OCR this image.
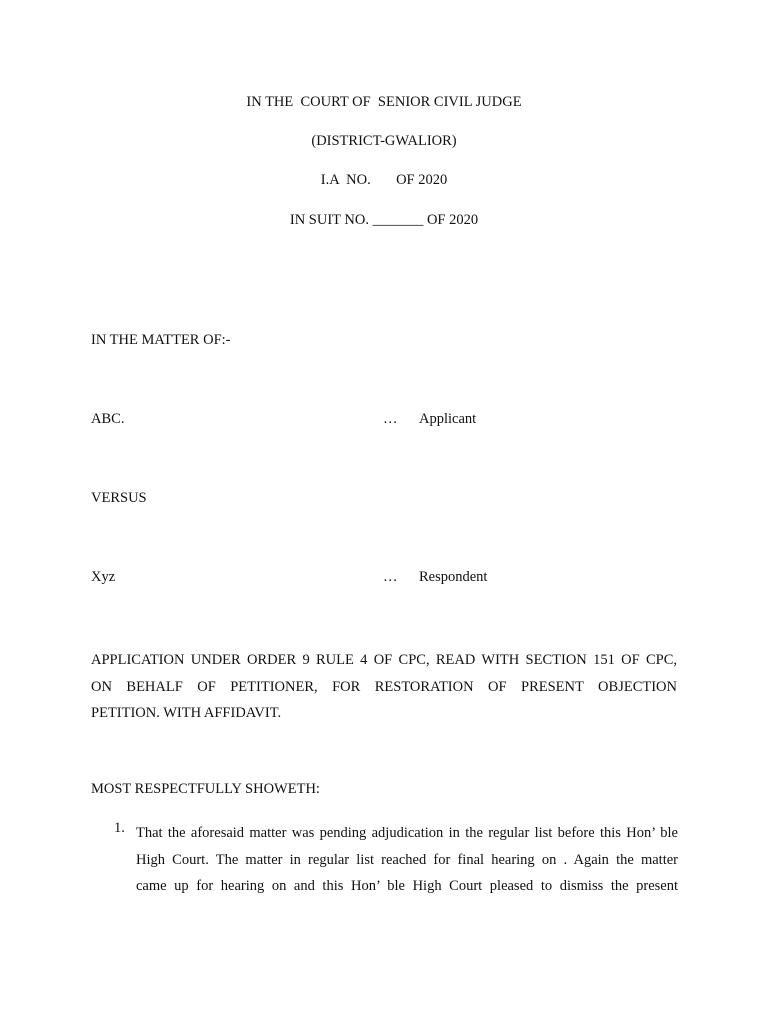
IN THE  COURT OF  SENIOR CIVIL JUDGE
(DISTRICT-GWALIOR)
I.A  NO.       OF 2020
IN SUIT NO. _______ OF 2020
IN THE MATTER OF:-
ABC.	… Applicant
VERSUS
Xyz	… Respondent
APPLICATION UNDER ORDER 9 RULE 4 OF CPC, READ WITH SECTION 151 OF CPC,
ON BEHALF OF PETITIONER, FOR RESTORATION OF PRESENT OBJECTION
PETITION. WITH AFFIDAVIT.
MOST RESPECTFULLY SHOWETH:
1. That the aforesaid matter was pending adjudication in the regular list before this Hon’ ble
High Court. The matter in regular list reached for final hearing on . Again the matter
came up for hearing on and this Hon’ ble High Court pleased to dismiss the present
